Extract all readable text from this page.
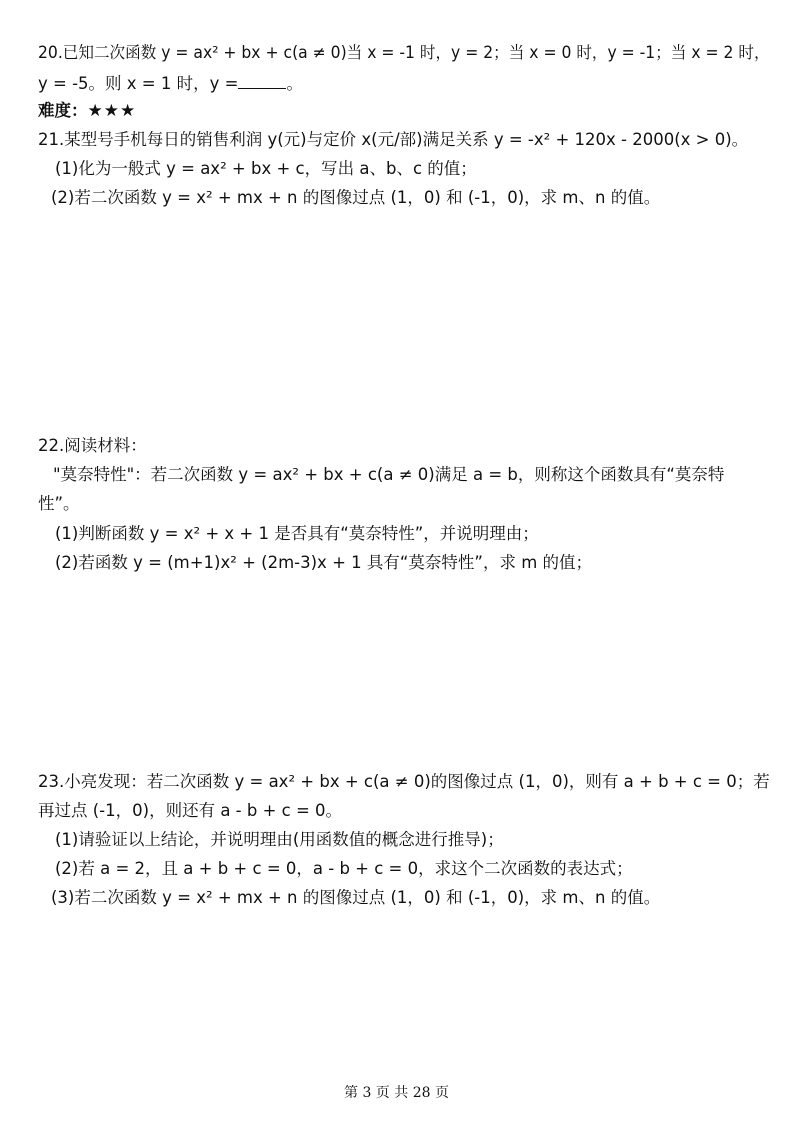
20.已知二次函数 y = ax² + bx + c(a ≠ 0)当 x = -1 时，y = 2；当 x = 0 时，y = -1；当 x = 2 时，
y = -5。则 x = 1 时，y =	。
难度：★★★
21.某型号手机每日的销售利润 y(元)与定价 x(元/部)满足关系 y = -x² + 120x - 2000(x > 0)。
(1)化为一般式 y = ax² + bx + c，写出 a、b、c 的值；
(2)若二次函数 y = x² + mx + n 的图像过点 (1，0) 和 (-1，0)，求 m、n 的值。
22.阅读材料：
"莫奈特性"：若二次函数 y = ax² + bx + c(a ≠ 0)满足 a = b，则称这个函数具有“莫奈特
性”。
(1)判断函数 y = x² + x + 1 是否具有“莫奈特性”，并说明理由；
(2)若函数 y = (m+1)x² + (2m-3)x + 1 具有“莫奈特性”，求 m 的值；
23.小亮发现：若二次函数 y = ax² + bx + c(a ≠ 0)的图像过点 (1，0)，则有 a + b + c = 0；若
再过点 (-1，0)，则还有 a - b + c = 0。
(1)请验证以上结论，并说明理由(用函数值的概念进行推导)；
(2)若 a = 2，且 a + b + c = 0，a - b + c = 0，求这个二次函数的表达式；
(3)若二次函数 y = x² + mx + n 的图像过点 (1，0) 和 (-1，0)，求 m、n 的值。
第 3 页 共 28 页
